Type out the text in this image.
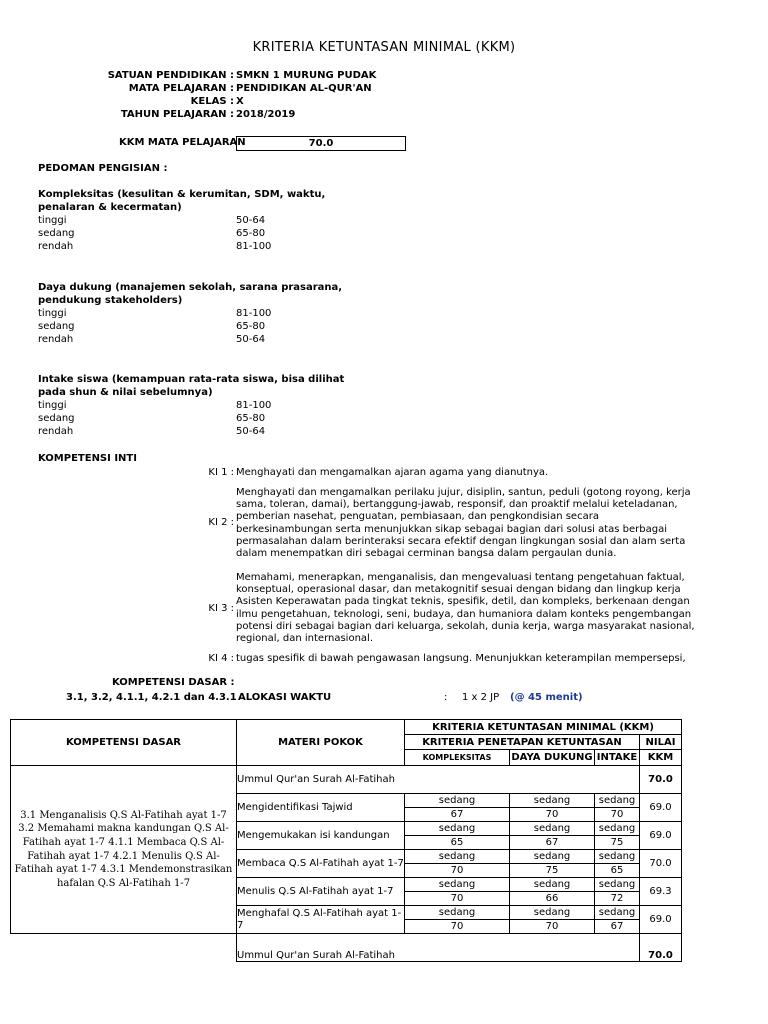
KRITERIA KETUNTASAN MINIMAL (KKM)
SATUAN PENDIDIKAN : SMKN 1 MURUNG PUDAK
MATA PELAJARAN : PENDIDIKAN AL-QUR'AN
KELAS : X
TAHUN PELAJARAN : 2018/2019
KKM MATA PELAJARAN	70.0
PEDOMAN PENGISIAN :
Kompleksitas (kesulitan & kerumitan, SDM, waktu,
penalaran & kecermatan)
tinggi	50-64
sedang	65-80
rendah	81-100
Daya dukung (manajemen sekolah, sarana prasarana,
pendukung stakeholders)
tinggi	81-100
sedang	65-80
rendah	50-64
Intake siswa (kemampuan rata-rata siswa, bisa dilihat
pada shun & nilai sebelumnya)
tinggi	81-100
sedang	65-80
rendah	50-64
KOMPETENSI INTI
KI 1 : Menghayati dan mengamalkan ajaran agama yang dianutnya.
KI 2 :
Menghayati dan mengamalkan perilaku jujur, disiplin, santun, peduli (gotong royong, kerja sama, toleran, damai), bertanggung-jawab, responsif, dan proaktif melalui keteladanan, pemberian nasehat, penguatan, pembiasaan, dan pengkondisian secara berkesinambungan serta menunjukkan sikap sebagai bagian dari solusi atas berbagai permasalahan dalam berinteraksi secara efektif dengan lingkungan sosial dan alam serta dalam menempatkan diri sebagai cerminan bangsa dalam pergaulan dunia.
KI 3 :
Memahami, menerapkan, menganalisis, dan mengevaluasi tentang pengetahuan faktual, konseptual, operasional dasar, dan metakognitif sesuai dengan bidang dan lingkup kerja Asisten Keperawatan pada tingkat teknis, spesifik, detil, dan kompleks, berkenaan dengan ilmu pengetahuan, teknologi, seni, budaya, dan humaniora dalam konteks pengembangan potensi diri sebagai bagian dari keluarga, sekolah, dunia kerja, warga masyarakat nasional, regional, dan internasional.
KI 4 : tugas spesifik di bawah pengawasan langsung. Menunjukkan keterampilan mempersepsi,
KOMPETENSI DASAR :
3.1, 3.2, 4.1.1, 4.2.1 dan 4.3.1 ALOKASI WAKTU	: 1 x 2 JP (@ 45 menit)
KOMPETENSI DASAR	MATERI POKOK	KRITERIA KETUNTASAN MINIMAL (KKM)			
		KRITERIA PENETAPAN KETUNTASAN			NILAI
		KOMPLEKSITAS	DAYA DUKUNG	INTAKE	KKM
3.1 Menganalisis Q.S Al-Fatihah ayat 1-7 3.2 Memahami makna kandungan Q.S Al-Fatihah ayat 1-7 4.1.1 Membaca Q.S Al-Fatihah ayat 1-7 4.2.1 Menulis Q.S Al-Fatihah ayat 1-7 4.3.1 Mendemonstrasikan hafalan Q.S Al-Fatihah 1-7	Ummul Qur'an Surah Al-Fatihah				70.0
	Mengidentifikasi Tajwid	sedang	sedang	sedang	69.0
		67	70	70	
	Mengemukakan isi kandungan	sedang	sedang	sedang	69.0
		65	67	75	
	Membaca Q.S Al-Fatihah ayat 1-7	sedang	sedang	sedang	70.0
		70	75	65	
	Menulis Q.S Al-Fatihah ayat 1-7	sedang	sedang	sedang	69.3
		70	66	72	
	Menghafal Q.S Al-Fatihah ayat 1-7	sedang	sedang	sedang	69.0
		70	70	67	
	Ummul Qur'an Surah Al-Fatihah				70.0
